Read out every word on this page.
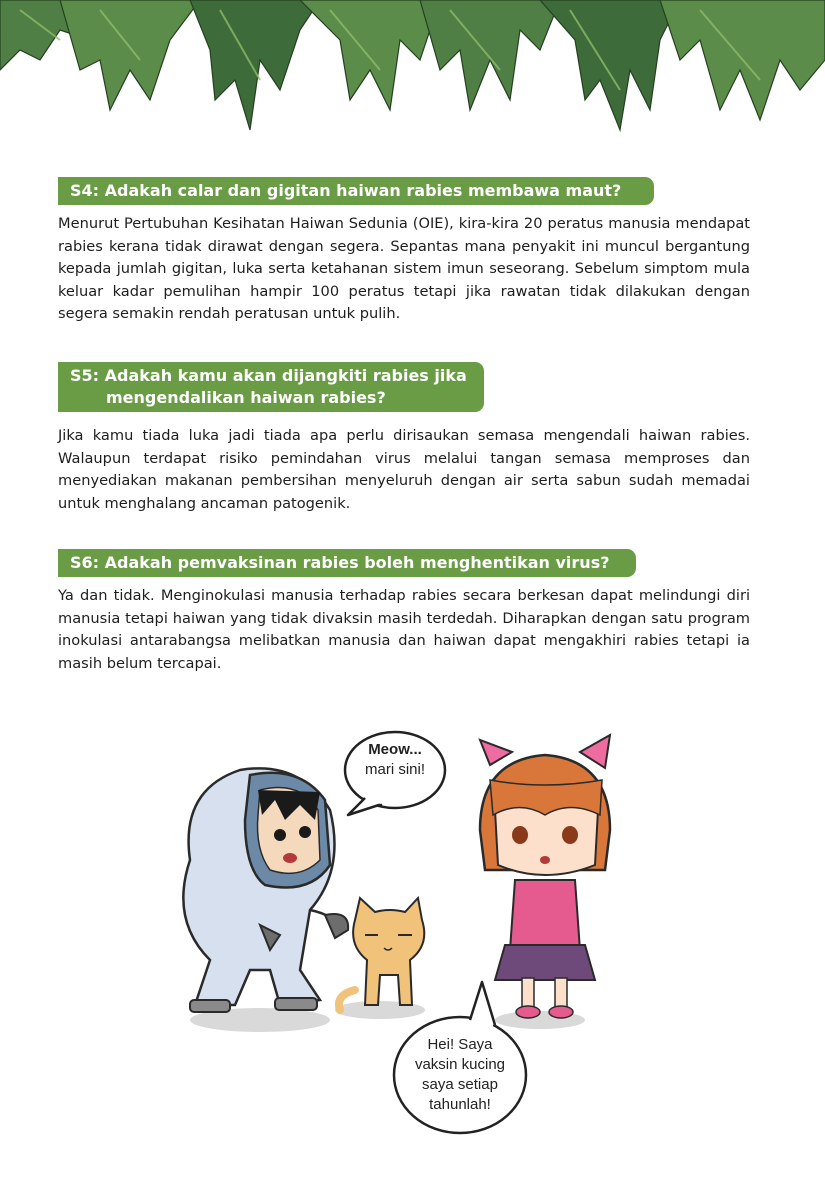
S4: Adakah calar dan gigitan haiwan rabies membawa maut?

Menurut Pertubuhan Kesihatan Haiwan Sedunia (OIE), kira-kira 20 peratus manusia mendapat rabies kerana tidak dirawat dengan segera. Sepantas mana penyakit ini muncul bergantung kepada jumlah gigitan, luka serta ketahanan sistem imun seseorang. Sebelum simptom mula keluar kadar pemulihan hampir 100 peratus tetapi jika rawatan tidak dilakukan dengan segera semakin rendah peratusan untuk pulih.

S5: Adakah kamu akan dijangkiti rabies jika
mengendalikan haiwan rabies?

Jika kamu tiada luka jadi tiada apa perlu dirisaukan semasa mengendali haiwan rabies. Walaupun terdapat risiko pemindahan virus melalui tangan semasa memproses dan menyediakan makanan pembersihan menyeluruh dengan air serta sabun sudah memadai untuk menghalang ancaman patogenik.

S6: Adakah pemvaksinan rabies boleh menghentikan virus?

Ya dan tidak. Menginokulasi manusia terhadap rabies secara berkesan dapat melindungi diri manusia tetapi haiwan yang tidak divaksin masih terdedah. Diharapkan dengan satu program inokulasi antarabangsa melibatkan manusia dan haiwan dapat mengakhiri rabies tetapi ia masih belum tercapai.

Meow...
mari sini!
Hei! Saya
vaksin kucing
saya setiap
tahunlah!
